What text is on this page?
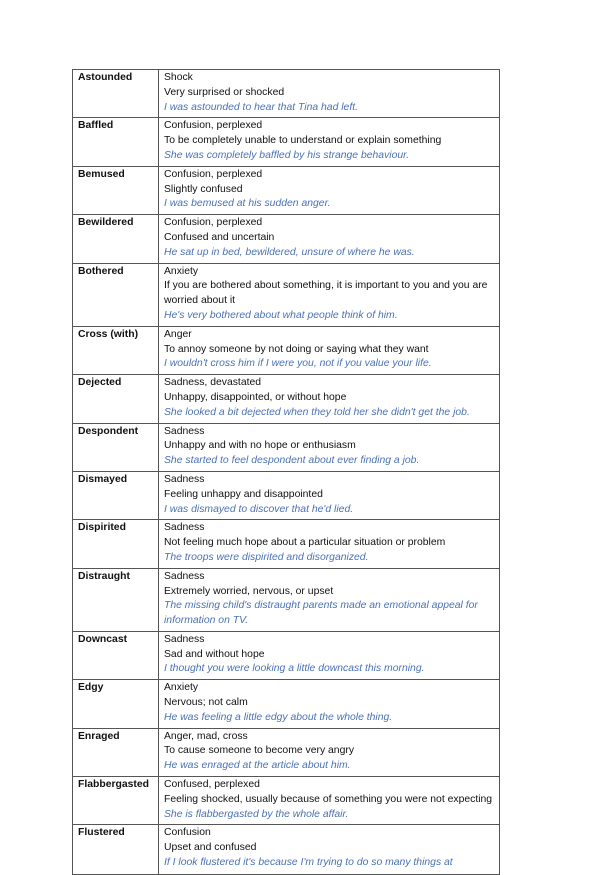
Astounded	Shock
Very surprised or shocked
I was astounded to hear that Tina had left.

Baffled	Confusion, perplexed
To be completely unable to understand or explain something
She was completely baffled by his strange behaviour.

Bemused	Confusion, perplexed
Slightly confused
I was bemused at his sudden anger.

Bewildered	Confusion, perplexed
Confused and uncertain
He sat up in bed, bewildered, unsure of where he was.

Bothered	Anxiety
If you are bothered about something, it is important to you and you are worried about it
He's very bothered about what people think of him.

Cross (with)	Anger
To annoy someone by not doing or saying what they want
I wouldn't cross him if I were you, not if you value your life.

Dejected	Sadness, devastated
Unhappy, disappointed, or without hope
She looked a bit dejected when they told her she didn't get the job.

Despondent	Sadness
Unhappy and with no hope or enthusiasm
She started to feel despondent about ever finding a job.

Dismayed	Sadness
Feeling unhappy and disappointed
I was dismayed to discover that he'd lied.

Dispirited	Sadness
Not feeling much hope about a particular situation or problem
The troops were dispirited and disorganized.

Distraught	Sadness
Extremely worried, nervous, or upset
The missing child's distraught parents made an emotional appeal for information on TV.

Downcast	Sadness
Sad and without hope
I thought you were looking a little downcast this morning.

Edgy	Anxiety
Nervous; not calm
He was feeling a little edgy about the whole thing.

Enraged	Anger, mad, cross
To cause someone to become very angry
He was enraged at the article about him.

Flabbergasted	Confused, perplexed
Feeling shocked, usually because of something you were not expecting
She is flabbergasted by the whole affair.

Flustered	Confusion
Upset and confused
If I look flustered it's because I'm trying to do so many things at
